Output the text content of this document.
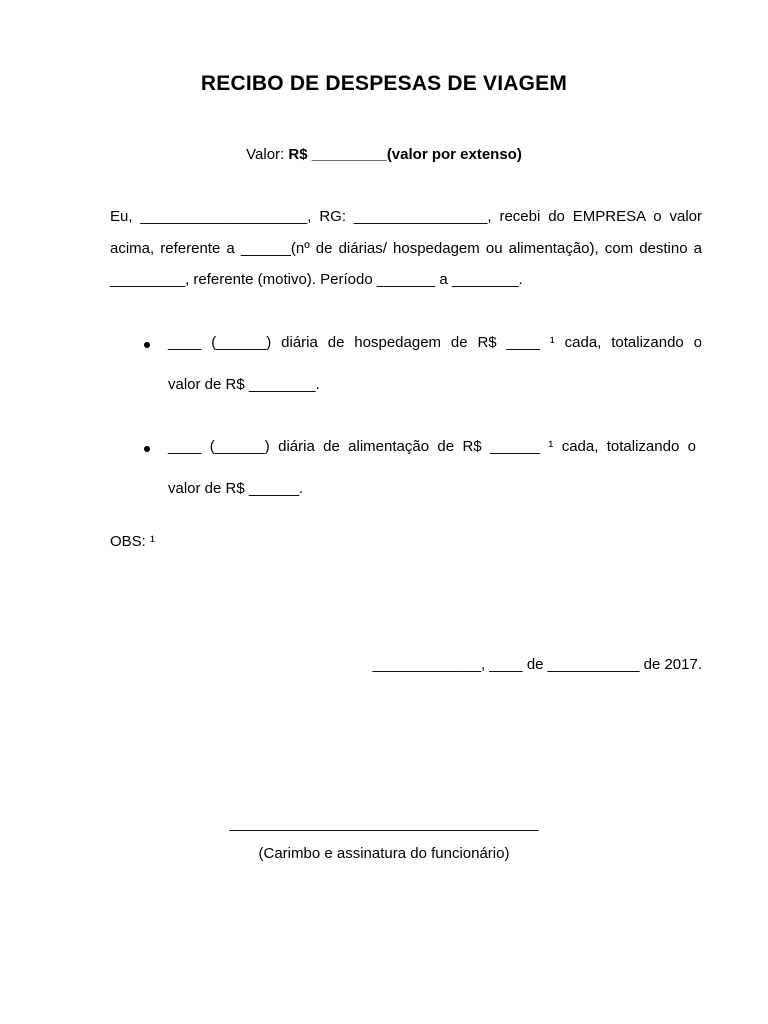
RECIBO DE DESPESAS DE VIAGEM
Valor: R$ _________(valor por extenso)
Eu, ____________________, RG: ________________, recebi do EMPRESA o valor acima, referente a ______(nº de diárias/ hospedagem ou alimentação), com destino a _________, referente (motivo). Período _______ a ________.
____ (______) diária de hospedagem de R$ ____ ¹ cada, totalizando o
valor de R$ ________.
____ (______) diária de alimentação de R$ ______ ¹ cada, totalizando o
valor de R$ ______.
OBS: ¹
_____________, ____ de ___________ de 2017.
_____________________________________
(Carimbo e assinatura do funcionário)
